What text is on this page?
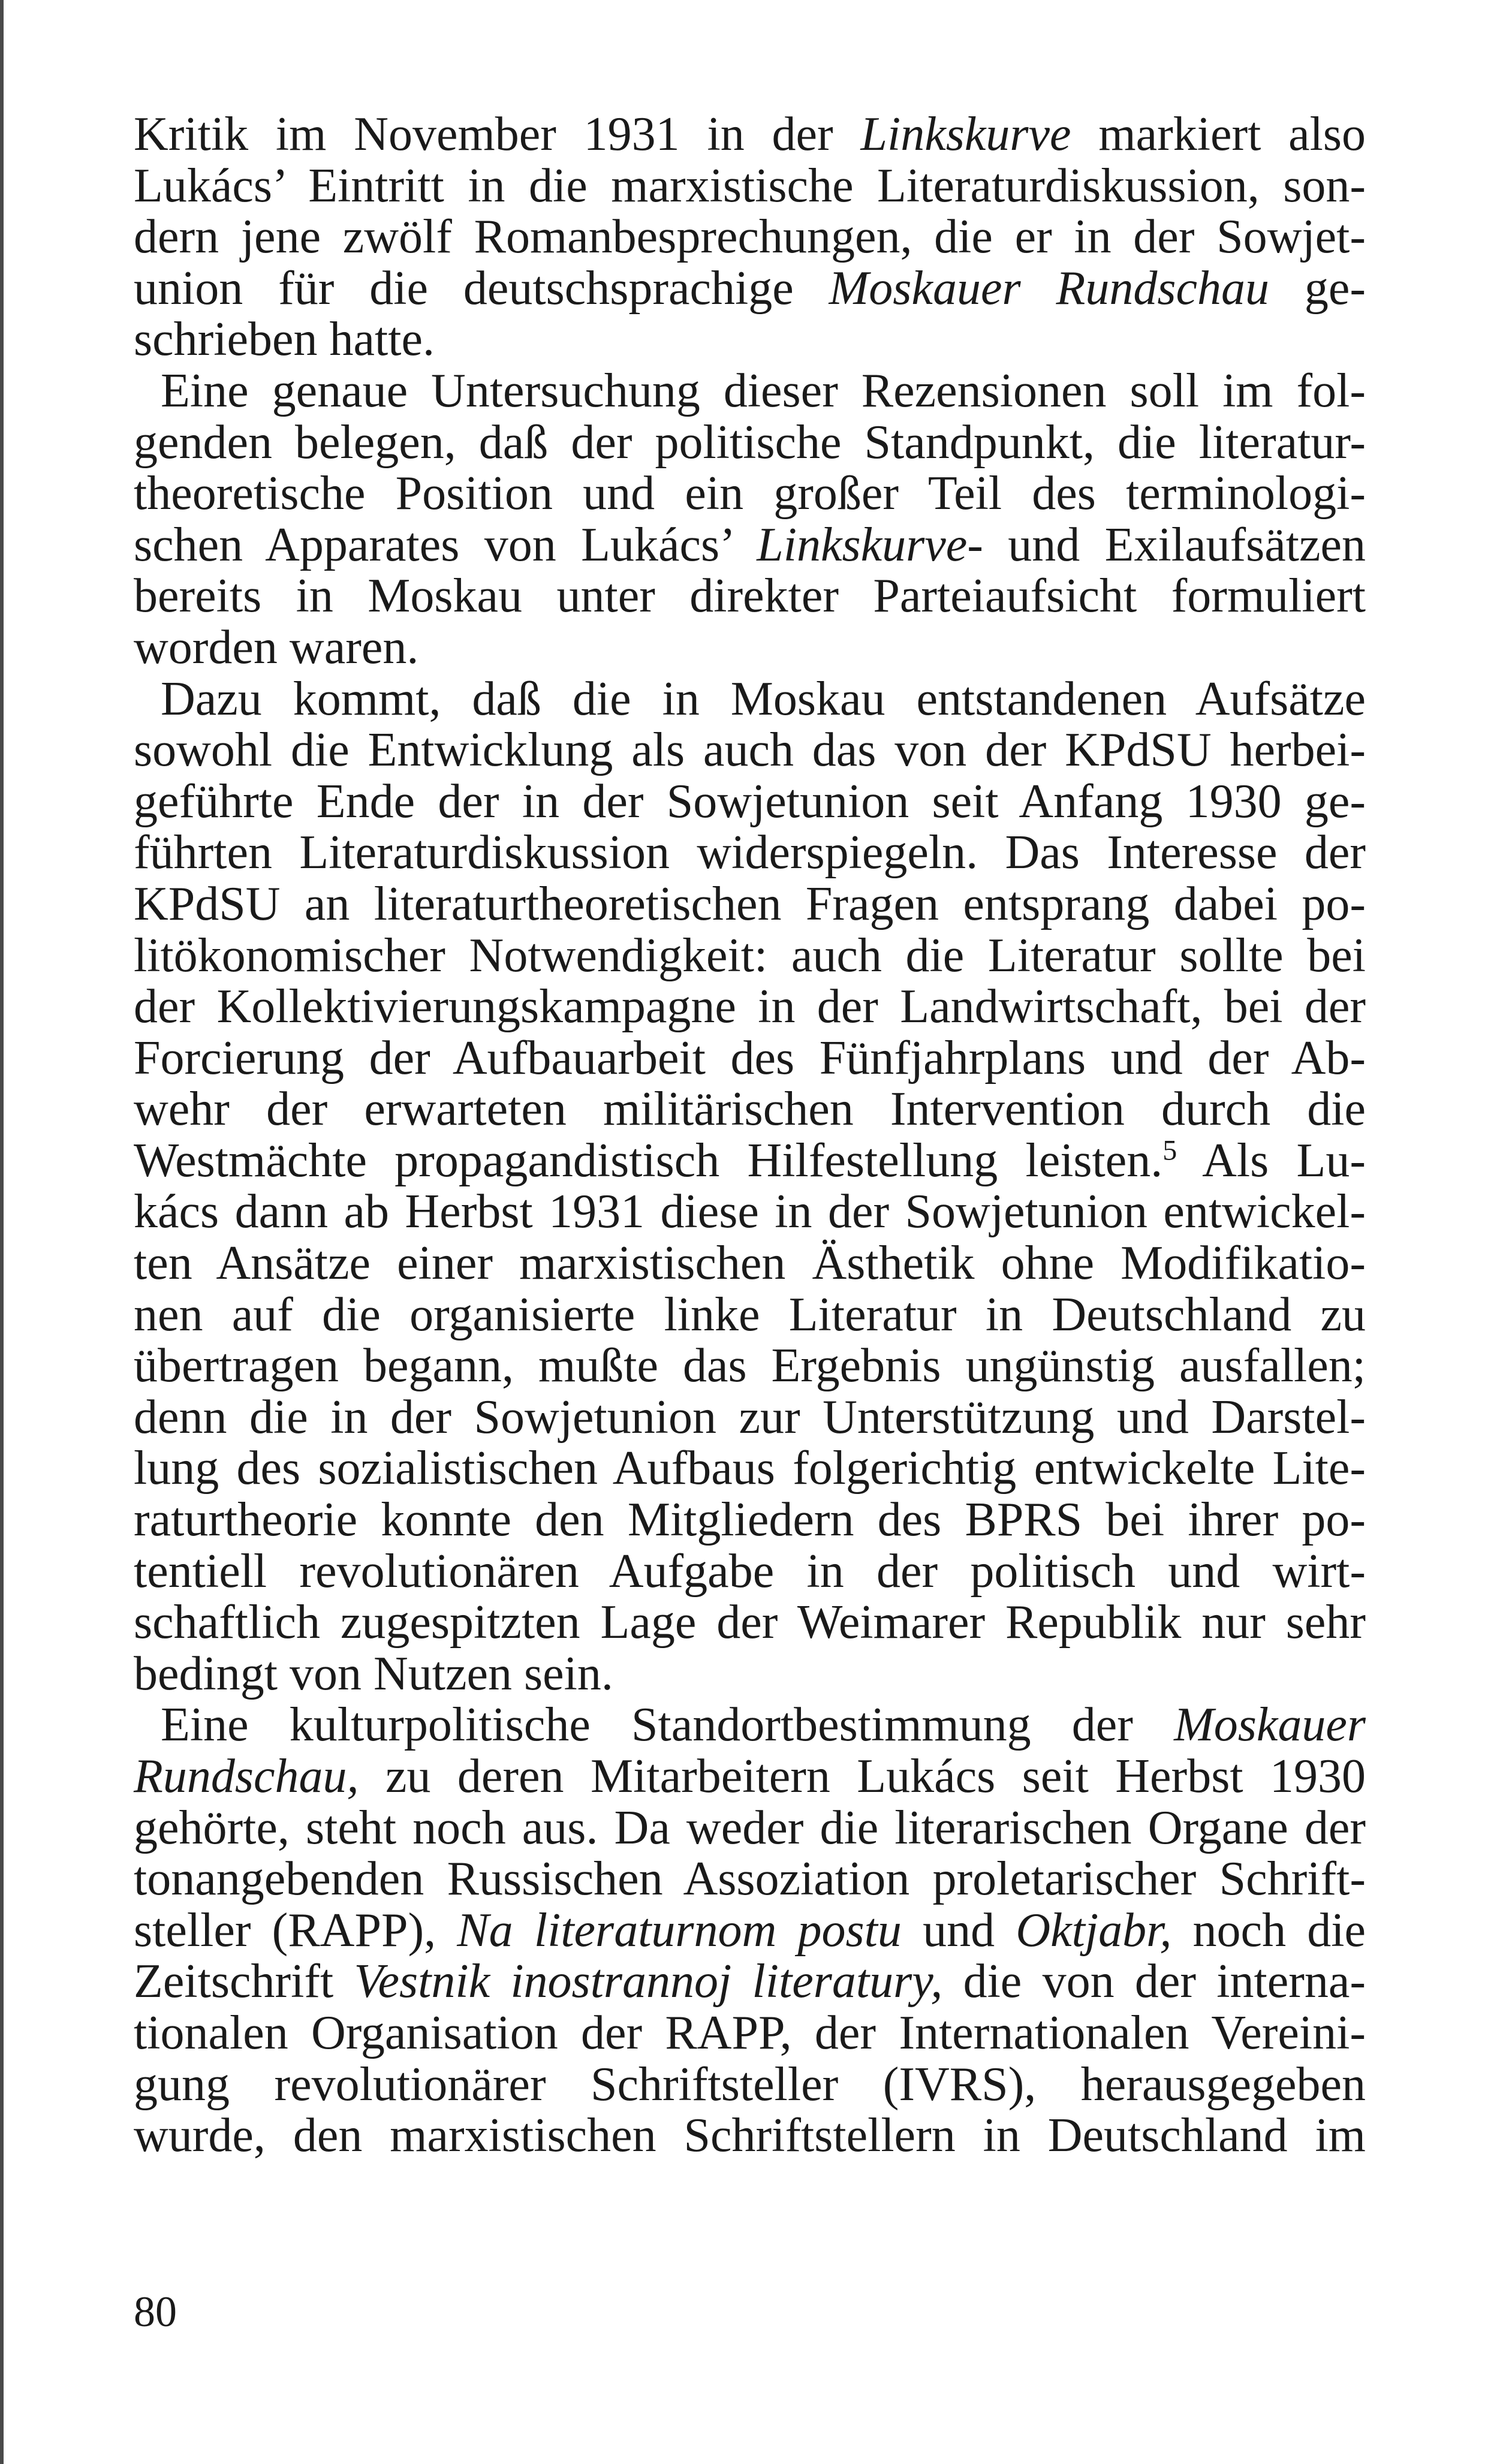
Kritik im November 1931 in der Linkskurve markiert also
Lukács’ Eintritt in die marxistische Literaturdiskussion, son-
dern jene zwölf Romanbesprechungen, die er in der Sowjet-
union für die deutschsprachige Moskauer Rundschau ge-
schrieben hatte.
Eine genaue Untersuchung dieser Rezensionen soll im fol-
genden belegen, daß der politische Standpunkt, die literatur-
theoretische Position und ein großer Teil des terminologi-
schen Apparates von Lukács’ Linkskurve- und Exilaufsätzen
bereits in Moskau unter direkter Parteiaufsicht formuliert
worden waren.
Dazu kommt, daß die in Moskau entstandenen Aufsätze
sowohl die Entwicklung als auch das von der KPdSU herbei-
geführte Ende der in der Sowjetunion seit Anfang 1930 ge-
führten Literaturdiskussion widerspiegeln. Das Interesse der
KPdSU an literaturtheoretischen Fragen entsprang dabei po-
litökonomischer Notwendigkeit: auch die Literatur sollte bei
der Kollektivierungskampagne in der Landwirtschaft, bei der
Forcierung der Aufbauarbeit des Fünfjahrplans und der Ab-
wehr der erwarteten militärischen Intervention durch die
Westmächte propagandistisch Hilfestellung leisten.$^5$ Als Lu-
kács dann ab Herbst 1931 diese in der Sowjetunion entwickel-
ten Ansätze einer marxistischen Ästhetik ohne Modifikatio-
nen auf die organisierte linke Literatur in Deutschland zu
übertragen begann, mußte das Ergebnis ungünstig ausfallen;
denn die in der Sowjetunion zur Unterstützung und Darstel-
lung des sozialistischen Aufbaus folgerichtig entwickelte Lite-
raturtheorie konnte den Mitgliedern des BPRS bei ihrer po-
tentiell revolutionären Aufgabe in der politisch und wirt-
schaftlich zugespitzten Lage der Weimarer Republik nur sehr
bedingt von Nutzen sein.
Eine kulturpolitische Standortbestimmung der Moskauer
Rundschau, zu deren Mitarbeitern Lukács seit Herbst 1930
gehörte, steht noch aus. Da weder die literarischen Organe der
tonangebenden Russischen Assoziation proletarischer Schrift-
steller (RAPP), Na literaturnom postu und Oktjabr, noch die
Zeitschrift Vestnik inostrannoj literatury, die von der interna-
tionalen Organisation der RAPP, der Internationalen Vereini-
gung revolutionärer Schriftsteller (IVRS), herausgegeben
wurde, den marxistischen Schriftstellern in Deutschland im
80
